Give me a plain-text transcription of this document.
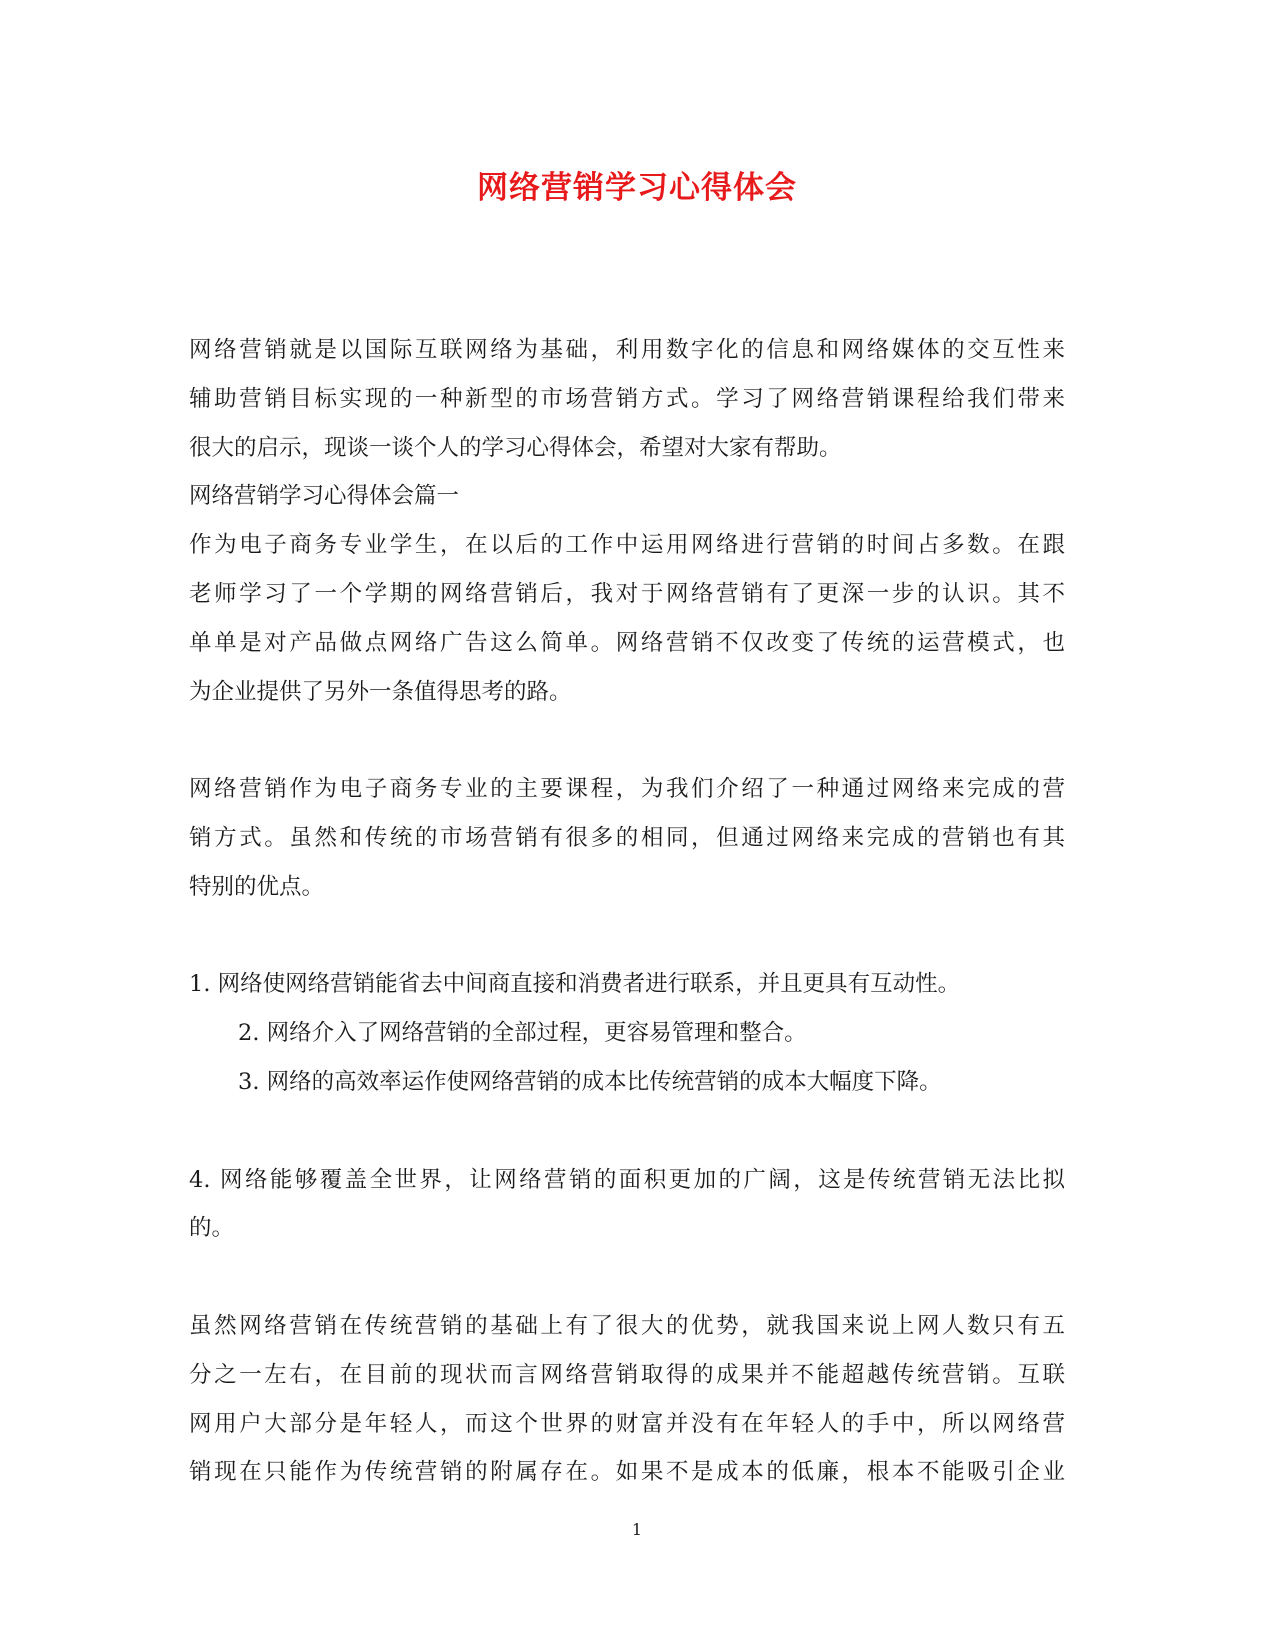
网络营销学习心得体会
网络营销就是以国际互联网络为基础，利用数字化的信息和网络媒体的交互性来
辅助营销目标实现的一种新型的市场营销方式。学习了网络营销课程给我们带来
很大的启示，现谈一谈个人的学习心得体会，希望对大家有帮助。
网络营销学习心得体会篇一
作为电子商务专业学生，在以后的工作中运用网络进行营销的时间占多数。在跟
老师学习了一个学期的网络营销后，我对于网络营销有了更深一步的认识。其不
单单是对产品做点网络广告这么简单。网络营销不仅改变了传统的运营模式，也
为企业提供了另外一条值得思考的路。
网络营销作为电子商务专业的主要课程，为我们介绍了一种通过网络来完成的营
销方式。虽然和传统的市场营销有很多的相同，但通过网络来完成的营销也有其
特别的优点。
1. 网络使网络营销能省去中间商直接和消费者进行联系，并且更具有互动性。
2. 网络介入了网络营销的全部过程，更容易管理和整合。
3. 网络的高效率运作使网络营销的成本比传统营销的成本大幅度下降。
4. 网络能够覆盖全世界，让网络营销的面积更加的广阔，这是传统营销无法比拟
的。
虽然网络营销在传统营销的基础上有了很大的优势，就我国来说上网人数只有五
分之一左右，在目前的现状而言网络营销取得的成果并不能超越传统营销。互联
网用户大部分是年轻人，而这个世界的财富并没有在年轻人的手中，所以网络营
销现在只能作为传统营销的附属存在。如果不是成本的低廉，根本不能吸引企业
1
